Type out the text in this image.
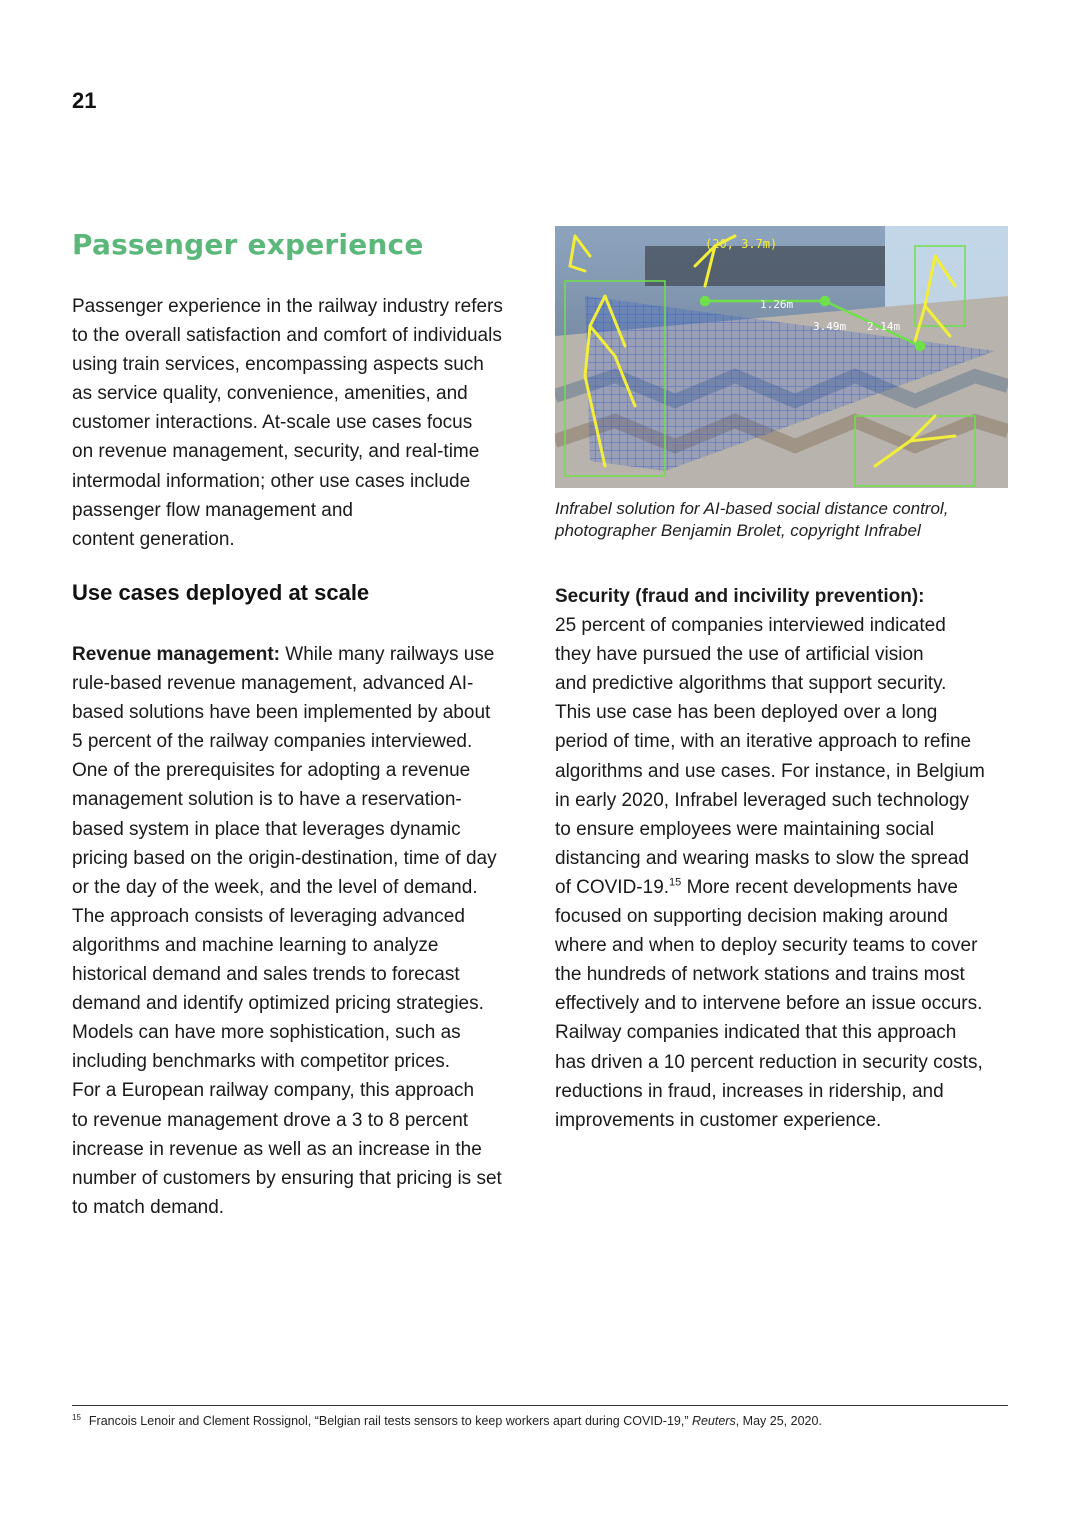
21
Passenger experience

Passenger experience in the railway industry refers
to the overall satisfaction and comfort of individuals
using train services, encompassing aspects such
as service quality, convenience, amenities, and
customer interactions. At-scale use cases focus
on revenue management, security, and real-time
intermodal information; other use cases include
passenger flow management and
content generation.

(20, 3.7m)
1.26m
3.49m 2.14m

Infrabel solution for AI-based social distance control,
photographer Benjamin Brolet, copyright Infrabel

Use cases deployed at scale

Revenue management: While many railways use
rule-based revenue management, advanced AI-
based solutions have been implemented by about
5 percent of the railway companies interviewed.
One of the prerequisites for adopting a revenue
management solution is to have a reservation-
based system in place that leverages dynamic
pricing based on the origin-destination, time of day
or the day of the week, and the level of demand.
The approach consists of leveraging advanced
algorithms and machine learning to analyze
historical demand and sales trends to forecast
demand and identify optimized pricing strategies.
Models can have more sophistication, such as
including benchmarks with competitor prices.
For a European railway company, this approach
to revenue management drove a 3 to 8 percent
increase in revenue as well as an increase in the
number of customers by ensuring that pricing is set
to match demand.

Security (fraud and incivility prevention):
25 percent of companies interviewed indicated
they have pursued the use of artificial vision
and predictive algorithms that support security.
This use case has been deployed over a long
period of time, with an iterative approach to refine
algorithms and use cases. For instance, in Belgium
in early 2020, Infrabel leveraged such technology
to ensure employees were maintaining social
distancing and wearing masks to slow the spread
of COVID-19.15 More recent developments have
focused on supporting decision making around
where and when to deploy security teams to cover
the hundreds of network stations and trains most
effectively and to intervene before an issue occurs.
Railway companies indicated that this approach
has driven a 10 percent reduction in security costs,
reductions in fraud, increases in ridership, and
improvements in customer experience.

$^{15}$ Francois Lenoir and Clement Rossignol, “Belgian rail tests sensors to keep workers apart during COVID-19,” Reuters, May 25, 2020.
